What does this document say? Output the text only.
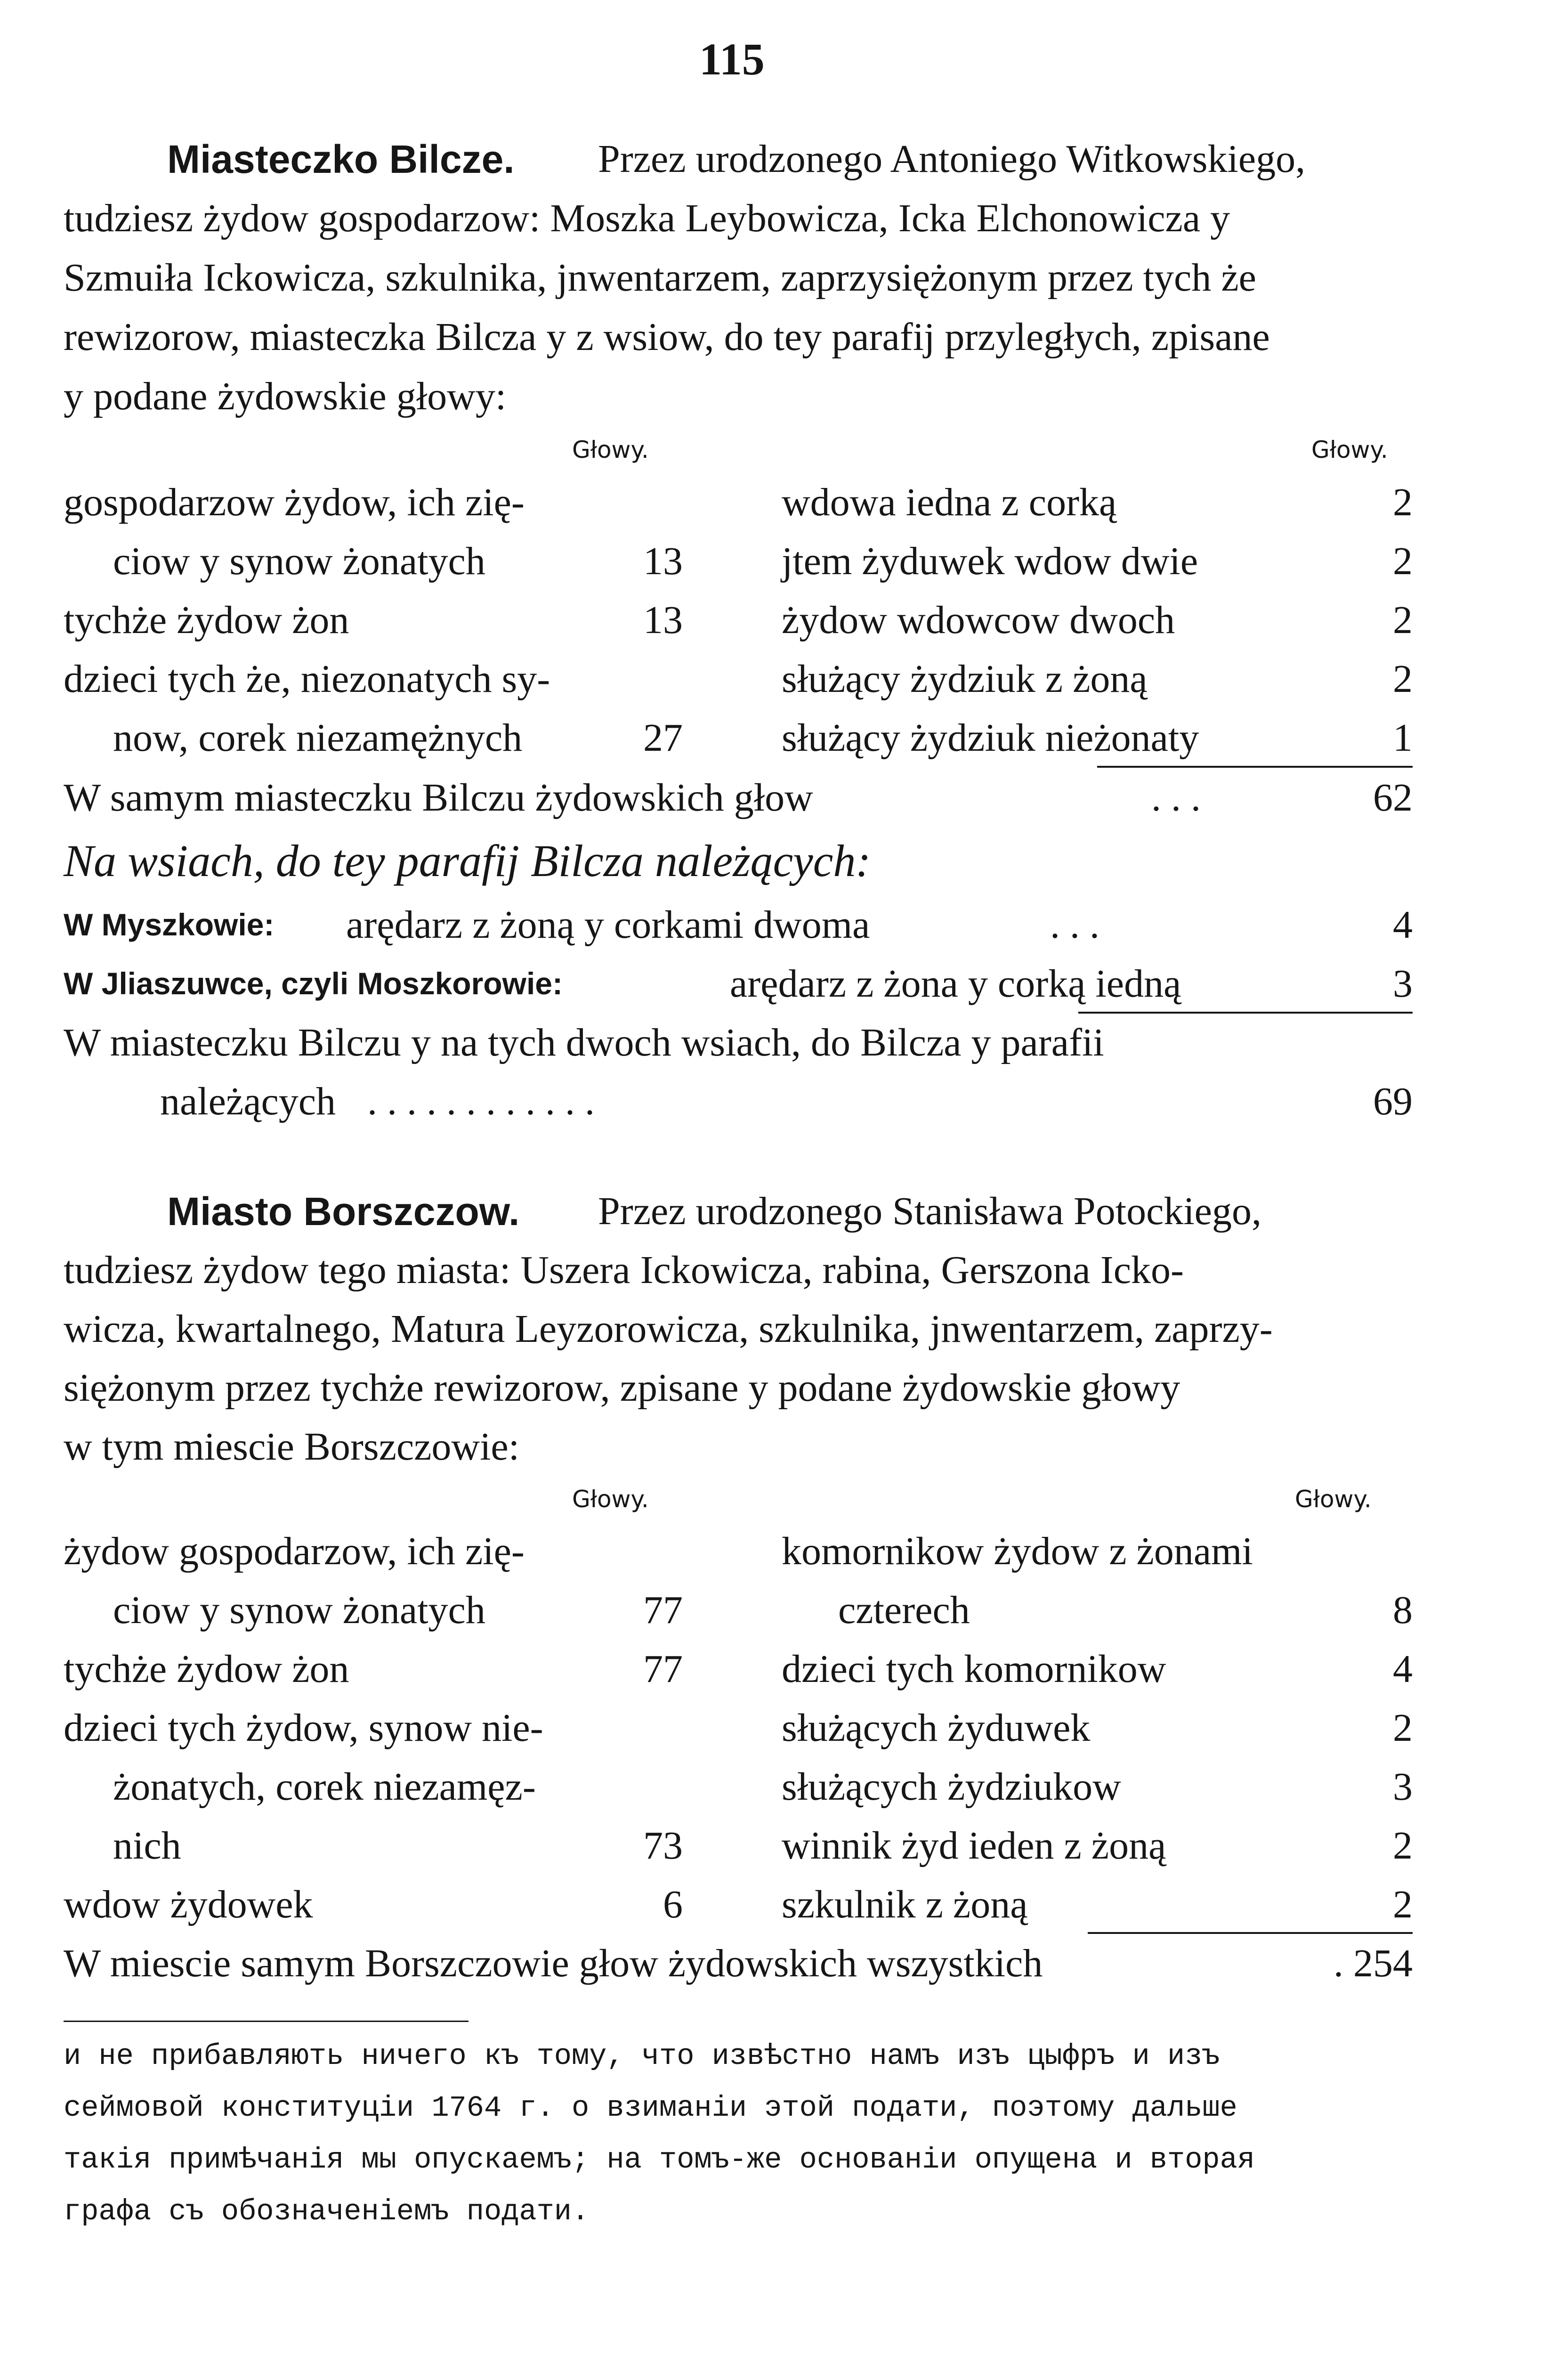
115
Miasteczko Bilcze. Przez urodzonego Antoniego Witkowskiego,
tudziesz żydow gospodarzow: Moszka Leybowicza, Icka Elchonowicza y
Szmuiła Ickowicza, szkulnika, jnwentarzem, zaprzysiężonym przez tych że
rewizorow, miasteczka Bilcza y z wsiow, do tey parafij przyległych, zpisane
y podane żydowskie głowy:
Głowy.	Głowy.
gospodarzow żydow, ich zię-
ciow y synow żonatych	13
tychże żydow żon	13
dzieci tych że, niezonatych sy-
now, corek niezamężnych	27
wdowa iedna z corką	2
jtem żyduwek wdow dwie	2
żydow wdowcow dwoch	2
służący żydziuk z żoną	2
służący żydziuk nieżonaty	1
W samym miasteczku Bilczu żydowskich głow	. . .	62
Na wsiach, do tey parafij Bilcza należących:
W Myszkowie: arędarz z żoną y corkami dwoma	. . .	4
W Jliaszuwce, czyli Moszkorowie:	arędarz z żona y corką iedną	3
W miasteczku Bilczu y na tych dwoch wsiach, do Bilcza y parafii
należących . . . . . . . . . . . .	69
Miasto Borszczow. Przez urodzonego Stanisława Potockiego,
tudziesz żydow tego miasta: Uszera Ickowicza, rabina, Gerszona Icko-
wicza, kwartalnego, Matura Leyzorowicza, szkulnika, jnwentarzem, zaprzy-
siężonym przez tychże rewizorow, zpisane y podane żydowskie głowy
w tym miescie Borszczowie:
Głowy.	Głowy.
żydow gospodarzow, ich zię-
ciow y synow żonatych	77
tychże żydow żon	77
dzieci tych żydow, synow nie-
żonatych, corek niezamęz-
nich	73
wdow żydowek	6
komornikow żydow z żonami
czterech	8
dzieci tych komornikow	4
służących żyduwek	2
służących żydziukow	3
winnik żyd ieden z żoną	2
szkulnik z żoną	2
W miescie samym Borszczowie głow żydowskich wszystkich	. 254
и не прибавляють ничего къ тому, что извѣстно намъ изъ цыфръ и изъ
сеймовой конституціи 1764 г. о взиманіи этой подати, поэтому дальше
такія примѣчанія мы опускаемъ; на томъ-же основаніи опущена и вторая
графа съ обозначеніемъ подати.
